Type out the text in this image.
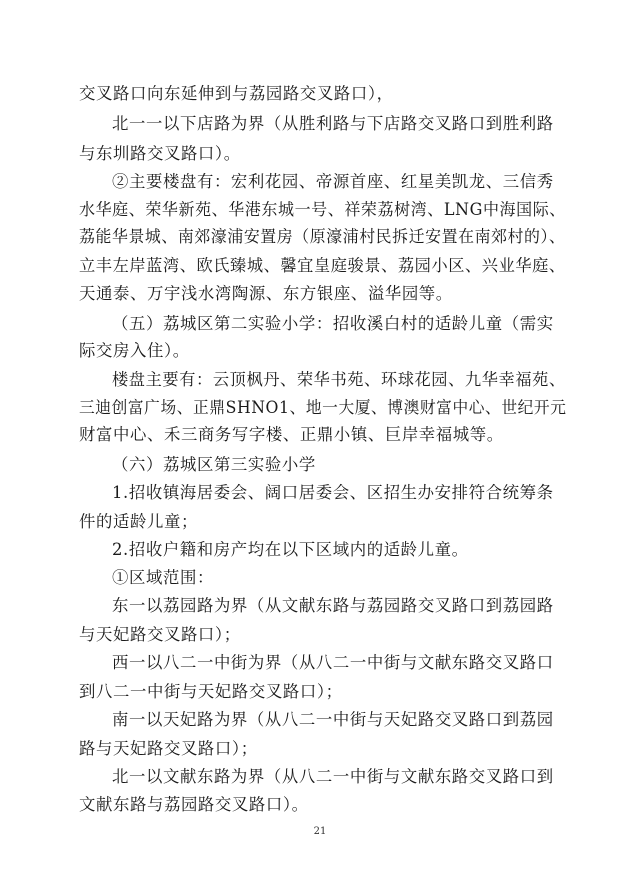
交叉路口向东延伸到与荔园路交叉路口），
北一一以下店路为界（从胜利路与下店路交叉路口到胜利路
与东圳路交叉路口）。
②主要楼盘有：宏利花园、帝源首座、红星美凯龙、三信秀
水华庭、荣华新苑、华港东城一号、祥荣荔树湾、LNG中海国际、
荔能华景城、南郊濠浦安置房（原濠浦村民拆迁安置在南郊村的）、
立丰左岸蓝湾、欧氏臻城、馨宜皇庭骏景、荔园小区、兴业华庭、
天通泰、万宇浅水湾陶源、东方银座、溢华园等。
（五）荔城区第二实验小学：招收溪白村的适龄儿童（需实
际交房入住）。
楼盘主要有：云顶枫丹、荣华书苑、环球花园、九华幸福苑、
三迪创富广场、正鼎SHNO1、地一大厦、博澳财富中心、世纪开元
财富中心、禾三商务写字楼、正鼎小镇、巨岸幸福城等。
（六）荔城区第三实验小学
1.招收镇海居委会、阔口居委会、区招生办安排符合统筹条
件的适龄儿童；
2.招收户籍和房产均在以下区域内的适龄儿童。
①区域范围：
东一以荔园路为界（从文献东路与荔园路交叉路口到荔园路
与天妃路交叉路口）；
西一以八二一中街为界（从八二一中街与文献东路交叉路口
到八二一中街与天妃路交叉路口）；
南一以天妃路为界（从八二一中街与天妃路交叉路口到荔园
路与天妃路交叉路口）；
北一以文献东路为界（从八二一中街与文献东路交叉路口到
文献东路与荔园路交叉路口）。
21
